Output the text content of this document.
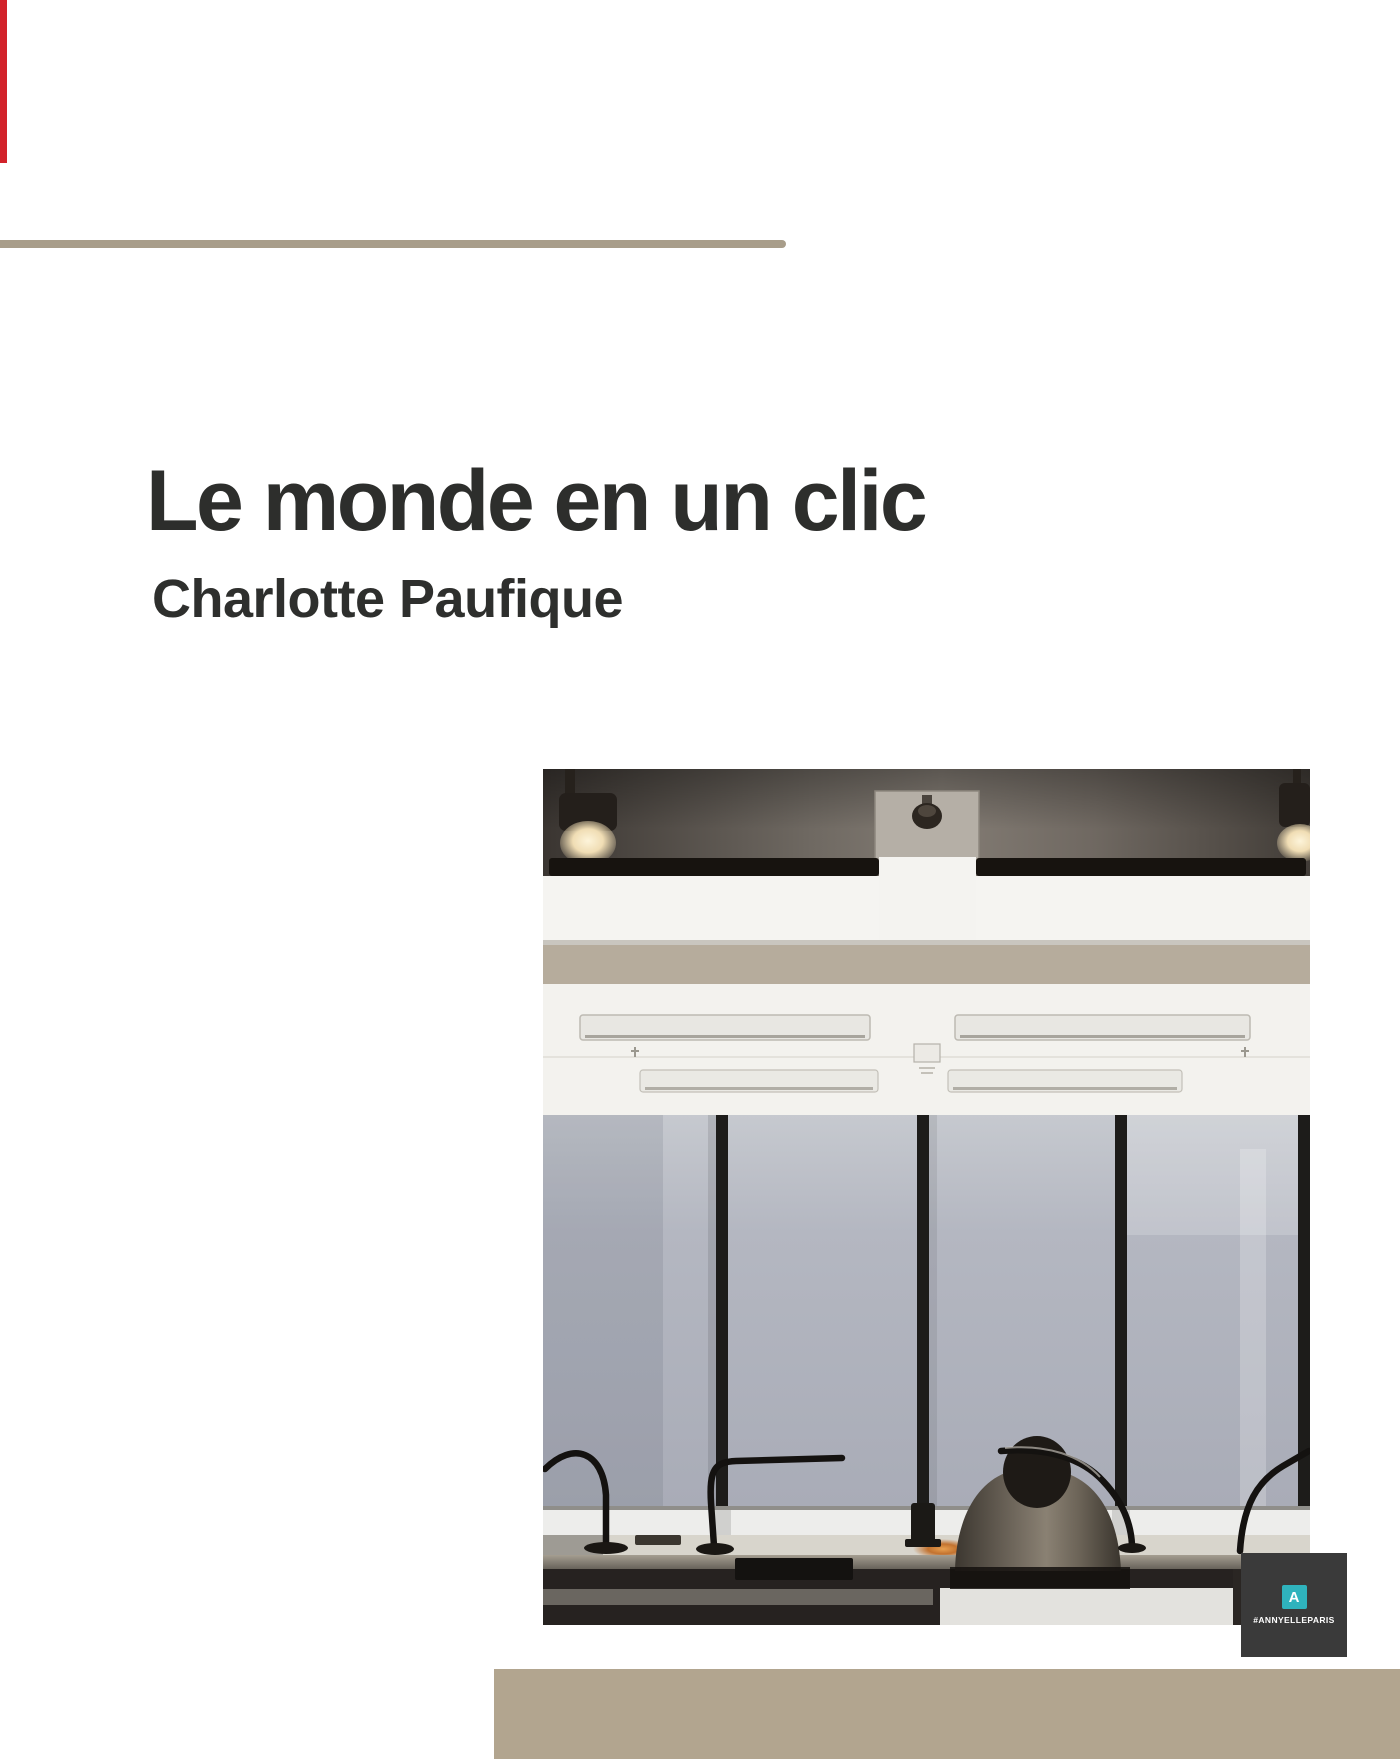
Le monde en un clic
Charlotte Paufique
A
#ANNYELLEPARIS
